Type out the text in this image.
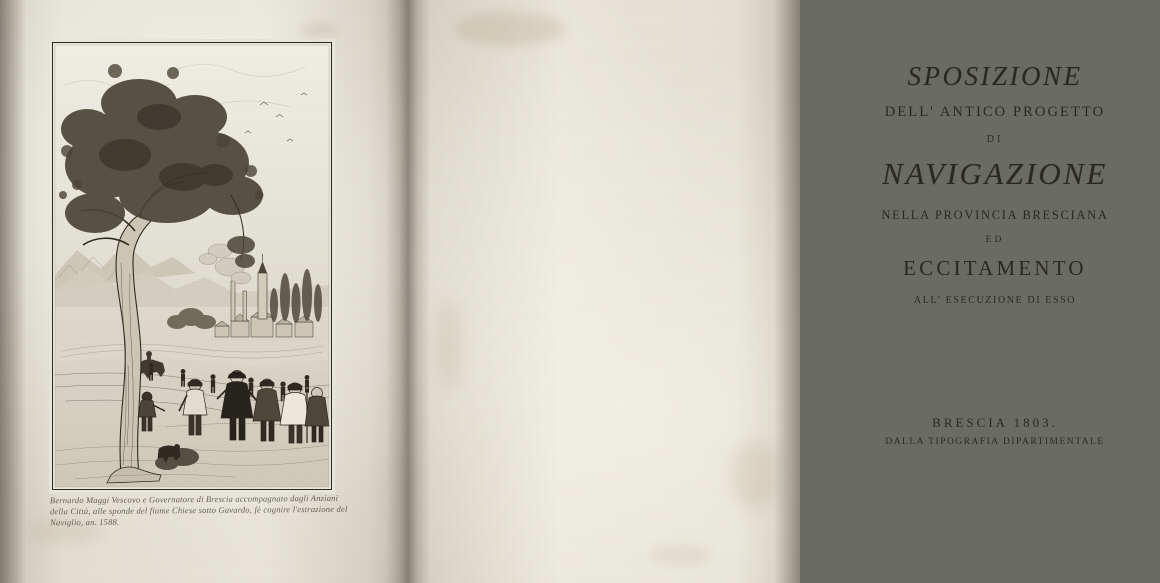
Bernardo Maggi Vescovo e Governatore di Brescia accompagnato dagli Anziani della Città, alle sponde del fiume Chiese sotto Gavardo, fè cognire l'estrazione del Naviglio, an. 1588.
SPOSIZIONE
DELL' ANTICO PROGETTO
DI
NAVIGAZIONE
NELLA PROVINCIA BRESCIANA
ED
ECCITAMENTO
ALL' ESECUZIONE DI ESSO
BRESCIA 1803.
DALLA TIPOGRAFIA DIPARTIMENTALE
